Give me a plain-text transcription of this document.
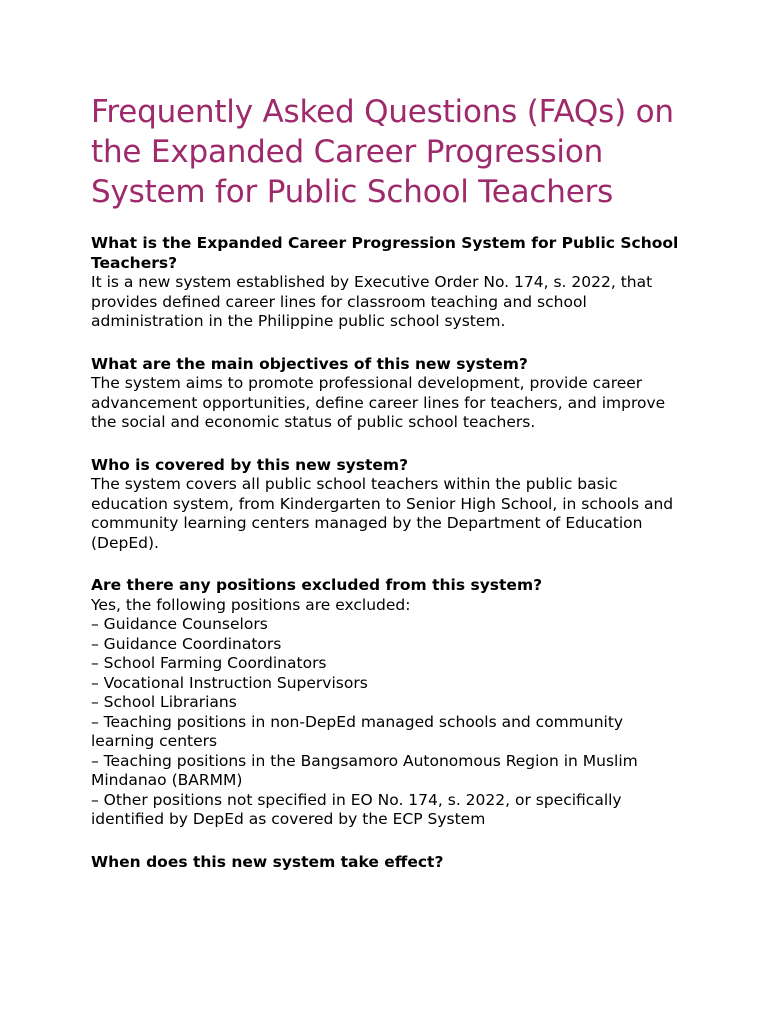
Frequently Asked Questions (FAQs) on the Expanded Career Progression System for Public School Teachers

What is the Expanded Career Progression System for Public School Teachers?

It is a new system established by Executive Order No. 174, s. 2022, that provides defined career lines for classroom teaching and school administration in the Philippine public school system.

What are the main objectives of this new system?

The system aims to promote professional development, provide career advancement opportunities, define career lines for teachers, and improve the social and economic status of public school teachers.

Who is covered by this new system?

The system covers all public school teachers within the public basic education system, from Kindergarten to Senior High School, in schools and community learning centers managed by the Department of Education (DepEd).

Are there any positions excluded from this system?

Yes, the following positions are excluded:

– Guidance Counselors
– Guidance Coordinators
– School Farming Coordinators
– Vocational Instruction Supervisors
– School Librarians
– Teaching positions in non-DepEd managed schools and community learning centers
– Teaching positions in the Bangsamoro Autonomous Region in Muslim Mindanao (BARMM)
– Other positions not specified in EO No. 174, s. 2022, or specifically identified by DepEd as covered by the ECP System

When does this new system take effect?
